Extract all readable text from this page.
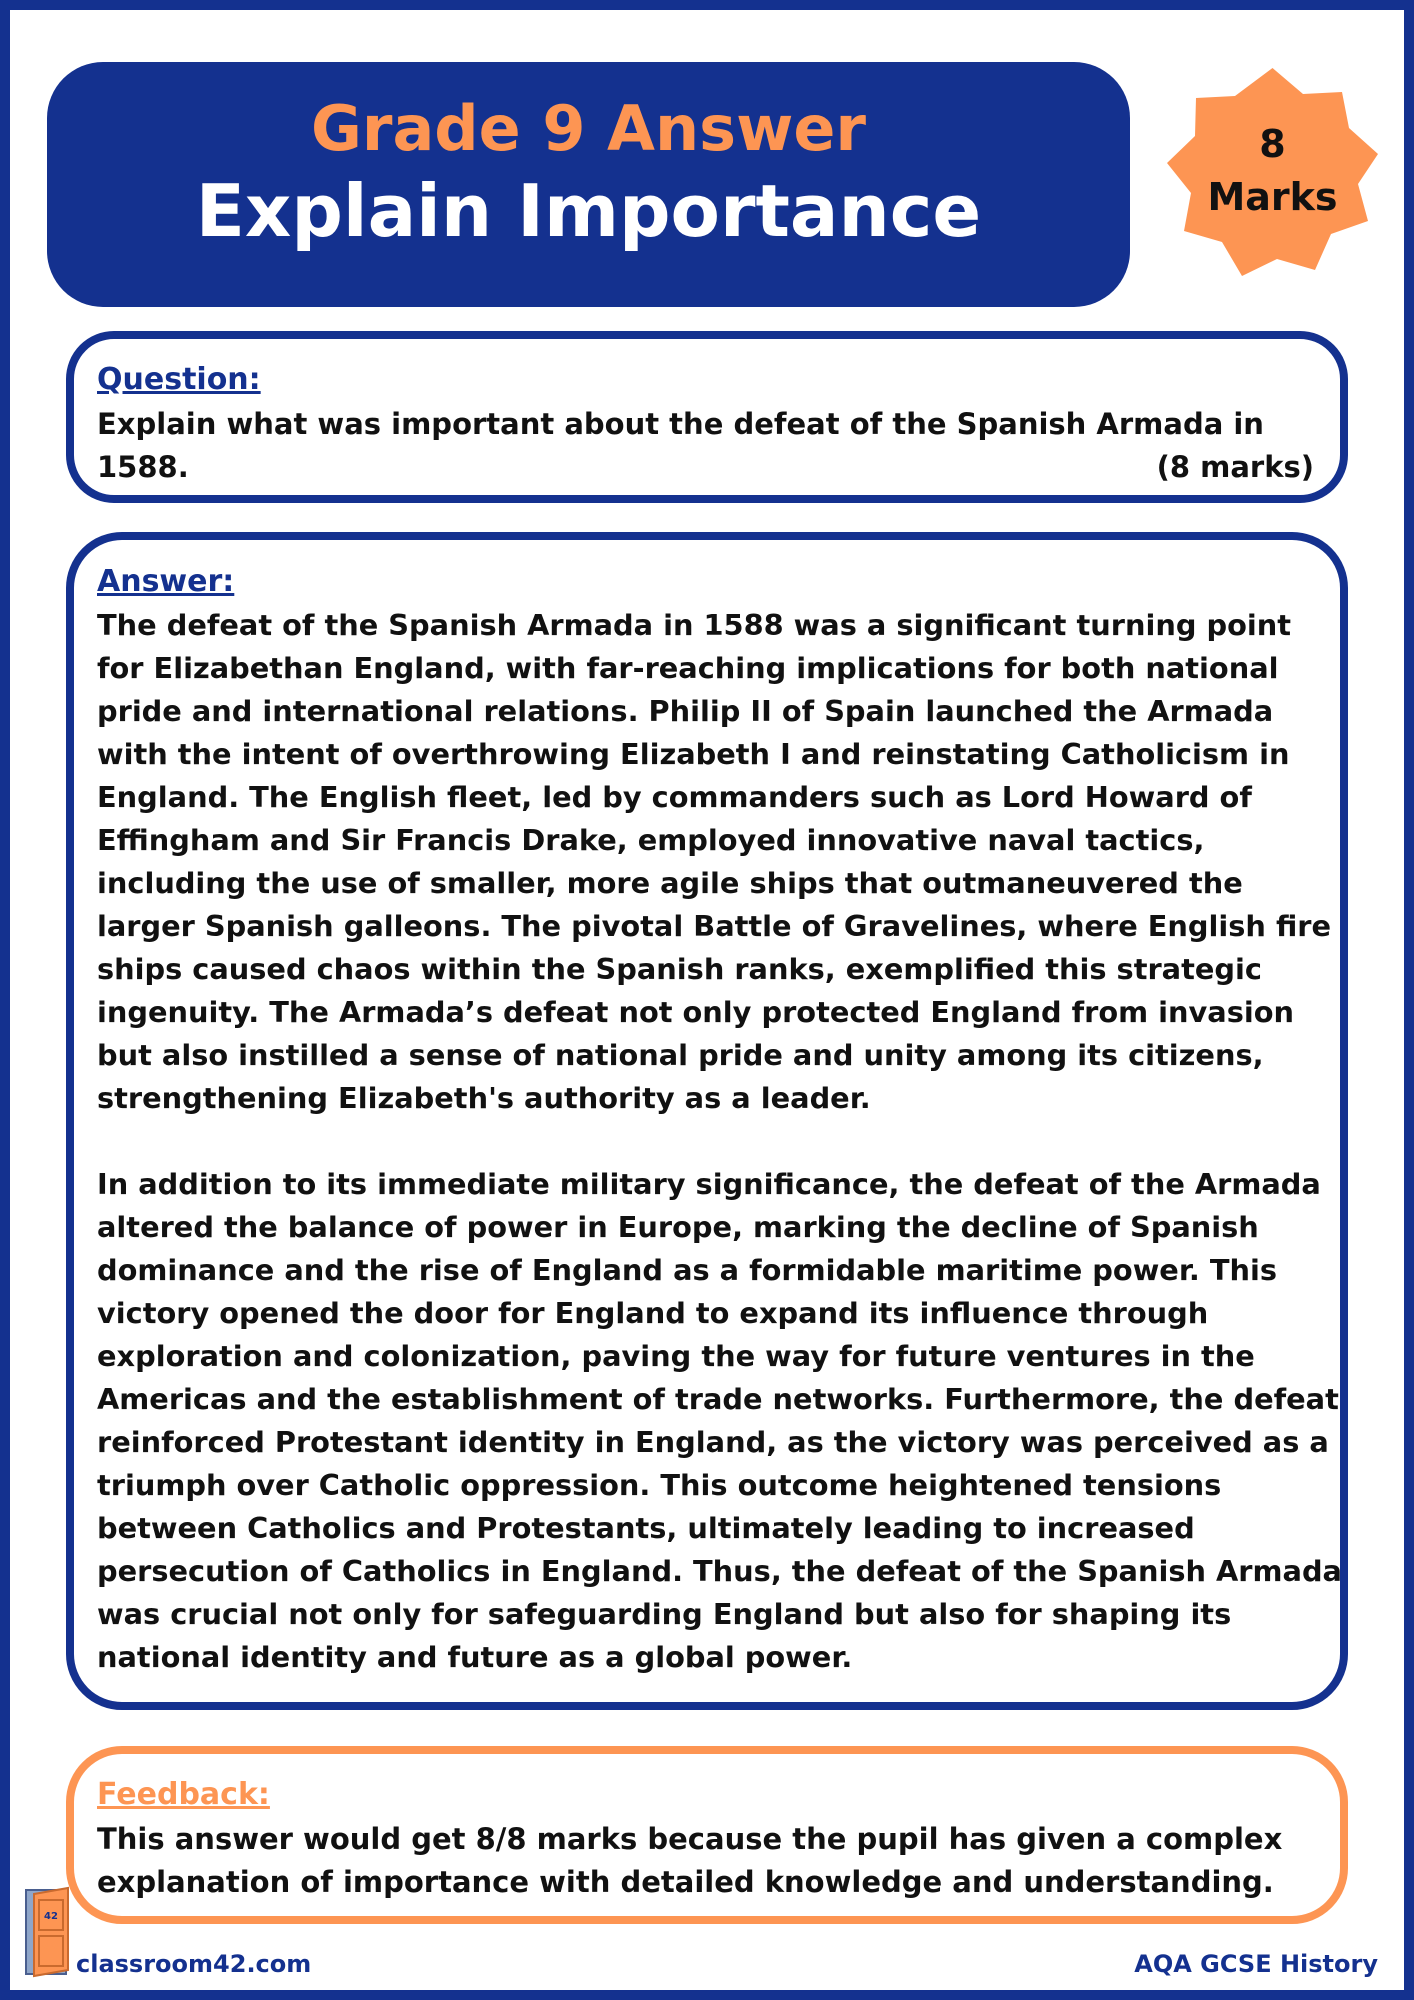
Grade 9 Answer
Explain Importance
8
Marks
Question:
Explain what was important about the defeat of the Spanish Armada in 1588.	(8 marks)
Answer:

The defeat of the Spanish Armada in 1588 was a significant turning point for Elizabethan England, with far-reaching implications for both national pride and international relations. Philip II of Spain launched the Armada with the intent of overthrowing Elizabeth I and reinstating Catholicism in England. The English fleet, led by commanders such as Lord Howard of Effingham and Sir Francis Drake, employed innovative naval tactics, including the use of smaller, more agile ships that outmaneuvered the larger Spanish galleons. The pivotal Battle of Gravelines, where English fire ships caused chaos within the Spanish ranks, exemplified this strategic ingenuity. The Armada’s defeat not only protected England from invasion but also instilled a sense of national pride and unity among its citizens, strengthening Elizabeth's authority as a leader.

In addition to its immediate military significance, the defeat of the Armada altered the balance of power in Europe, marking the decline of Spanish dominance and the rise of England as a formidable maritime power. This victory opened the door for England to expand its influence through exploration and colonization, paving the way for future ventures in the Americas and the establishment of trade networks. Furthermore, the defeat reinforced Protestant identity in England, as the victory was perceived as a triumph over Catholic oppression. This outcome heightened tensions between Catholics and Protestants, ultimately leading to increased persecution of Catholics in England. Thus, the defeat of the Spanish Armada was crucial not only for safeguarding England but also for shaping its national identity and future as a global power.

Feedback:
This answer would get 8/8 marks because the pupil has given a complex explanation of importance with detailed knowledge and understanding.
42
classroom42.com	AQA GCSE History
